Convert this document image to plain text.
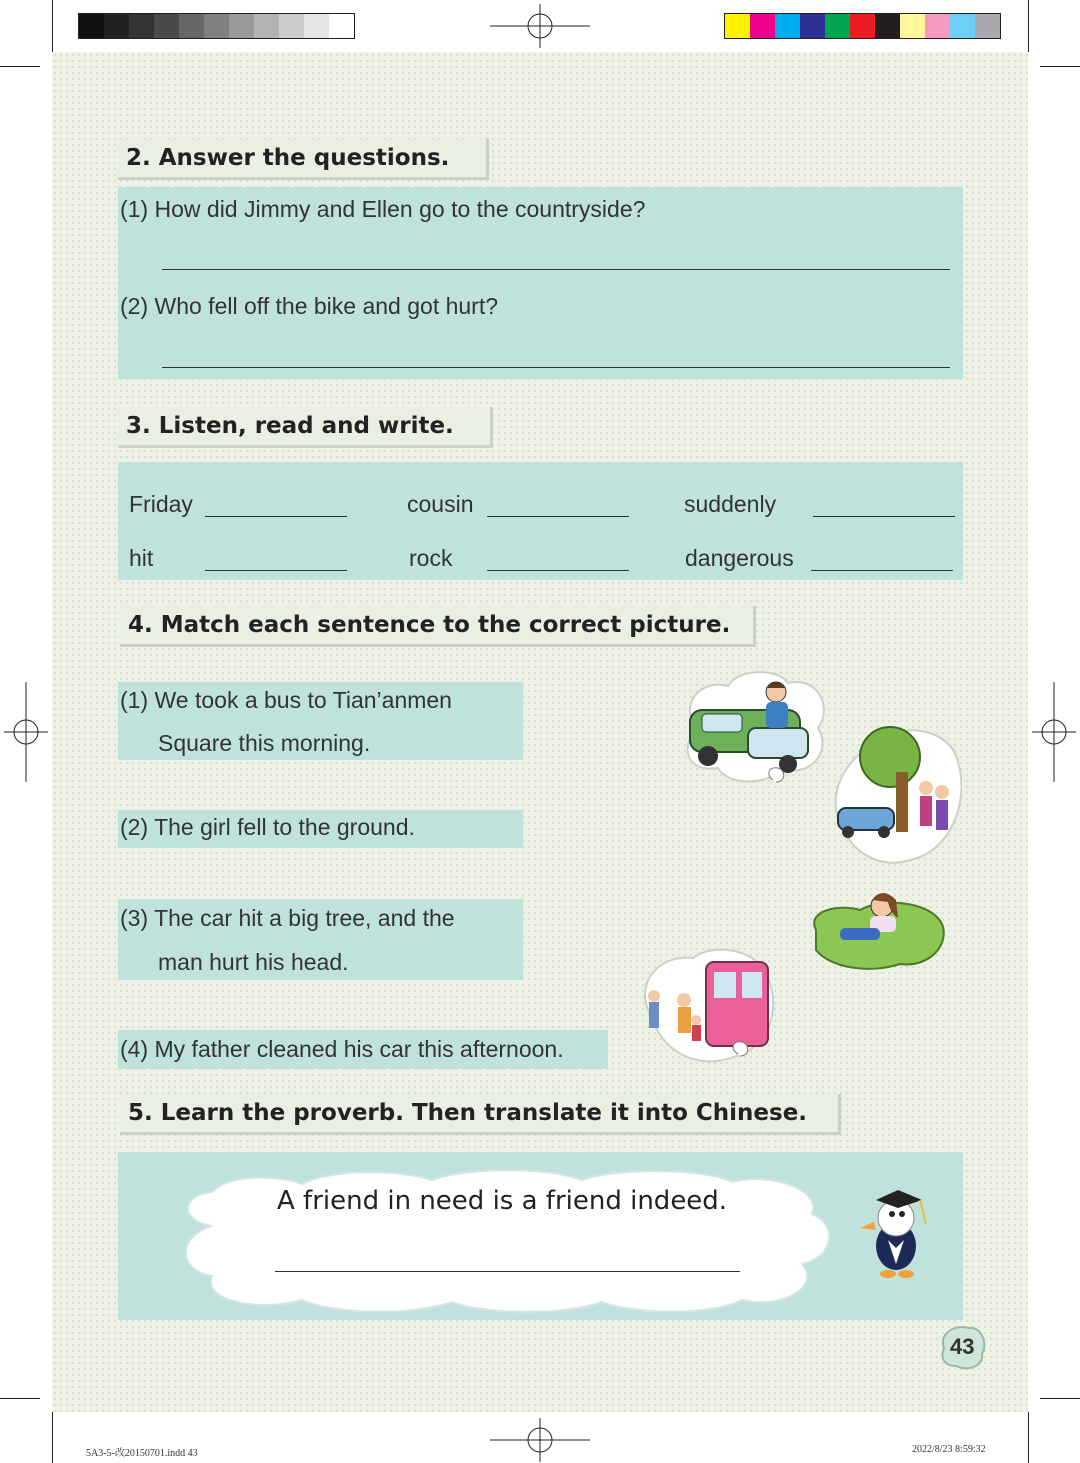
2. Answer the questions.
(1) How did Jimmy and Ellen go to the countryside?
(2) Who fell off the bike and got hurt?
3. Listen, read and write.
Friday	cousin	suddenly
hit	rock	dangerous
4. Match each sentence to the correct picture.
(1) We took a bus to Tian’anmen
Square this morning.
(2) The girl fell to the ground.
(3) The car hit a big tree, and the
man hurt his head.
(4) My father cleaned his car this afternoon.
5. Learn the proverb. Then translate it into Chinese.
A friend in need is a friend indeed.
43
5A3-5-改20150701.indd 43	2022/8/23 8:59:32
